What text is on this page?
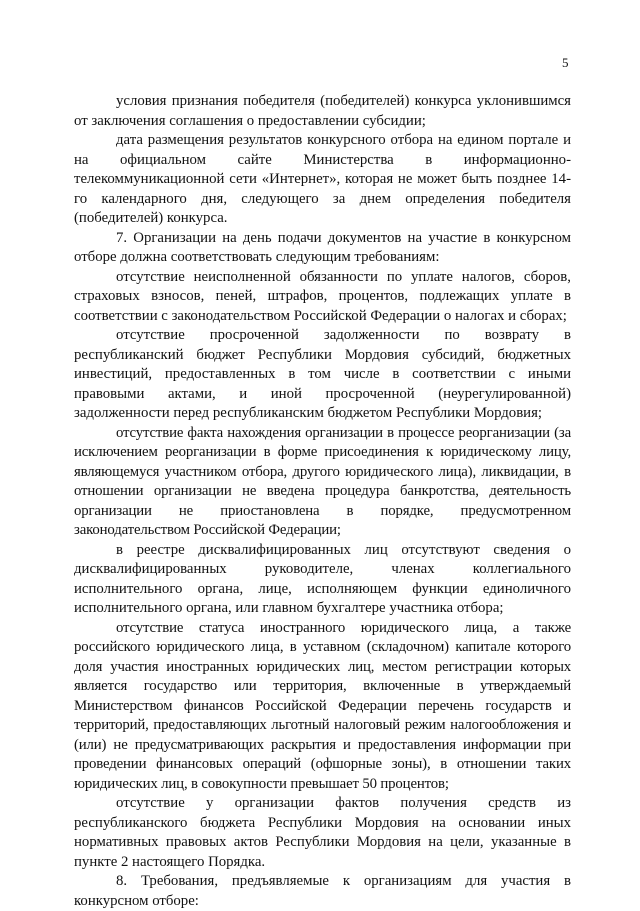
5

условия признания победителя (победителей) конкурса уклонившимся от заключения соглашения о предоставлении субсидии;

дата размещения результатов конкурсного отбора на едином портале и на официальном сайте Министерства в информационно-телекоммуникационной сети «Интернет», которая не может быть позднее 14-го календарного дня, следующего за днем определения победителя (победителей) конкурса.

7. Организации на день подачи документов на участие в конкурсном отборе должна соответствовать следующим требованиям:

отсутствие неисполненной обязанности по уплате налогов, сборов, страховых взносов, пеней, штрафов, процентов, подлежащих уплате в соответствии с законодательством Российской Федерации о налогах и сборах;

отсутствие просроченной задолженности по возврату в республиканский бюджет Республики Мордовия субсидий, бюджетных инвестиций, предоставленных в том числе в соответствии с иными правовыми актами, и иной просроченной (неурегулированной) задолженности перед республиканским бюджетом Республики Мордовия;

отсутствие факта нахождения организации в процессе реорганизации (за исключением реорганизации в форме присоединения к юридическому лицу, являющемуся участником отбора, другого юридического лица), ликвидации, в отношении организации не введена процедура банкротства, деятельность организации не приостановлена в порядке, предусмотренном законодательством Российской Федерации;

в реестре дисквалифицированных лиц отсутствуют сведения о дисквалифицированных руководителе, членах коллегиального исполнительного органа, лице, исполняющем функции единоличного исполнительного органа, или главном бухгалтере участника отбора;

отсутствие статуса иностранного юридического лица, а также российского юридического лица, в уставном (складочном) капитале которого доля участия иностранных юридических лиц, местом регистрации которых является государство или территория, включенные в утверждаемый Министерством финансов Российской Федерации перечень государств и территорий, предоставляющих льготный налоговый режим налогообложения и (или) не предусматривающих раскрытия и предоставления информации при проведении финансовых операций (офшорные зоны), в отношении таких юридических лиц, в совокупности превышает 50 процентов;

отсутствие у организации фактов получения средств из республиканского бюджета Республики Мордовия на основании иных нормативных правовых актов Республики Мордовия на цели, указанные в пункте 2 настоящего Порядка.

8. Требования, предъявляемые к организациям для участия в конкурсном отборе:
